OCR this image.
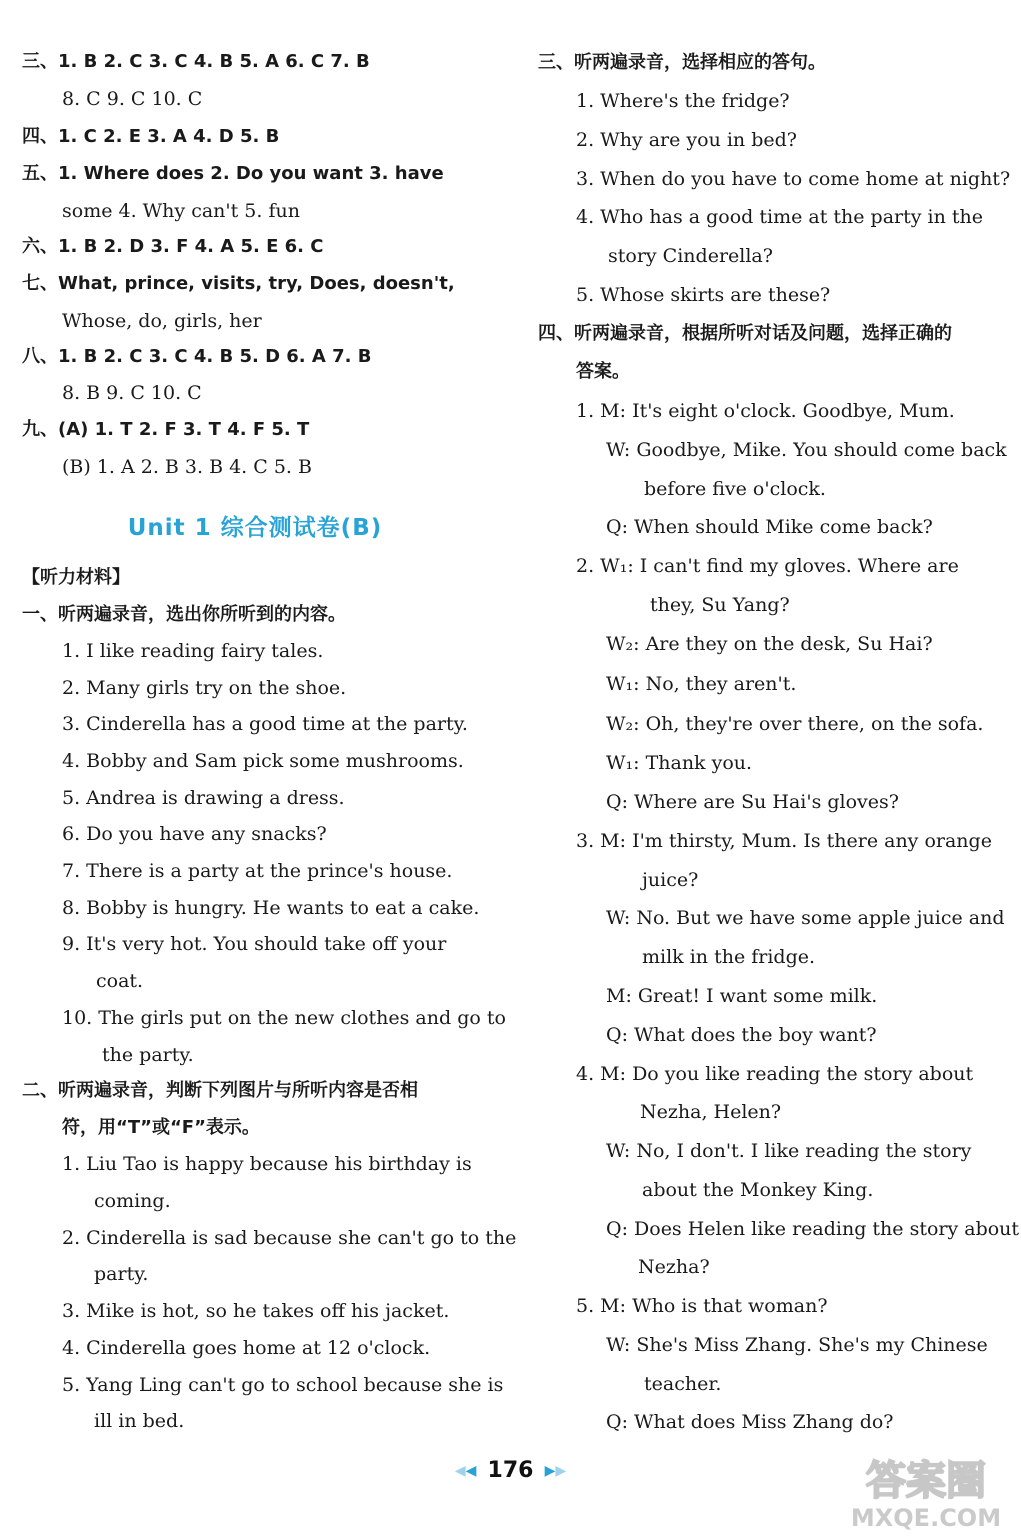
三、1. B 2. C 3. C 4. B 5. A 6. C 7. B
8. C 9. C 10. C
四、1. C 2. E 3. A 4. D 5. B
五、1. Where does 2. Do you want 3. have
some 4. Why can't 5. fun
六、1. B 2. D 3. F 4. A 5. E 6. C
七、What, prince, visits, try, Does, doesn't,
Whose, do, girls, her
八、1. B 2. C 3. C 4. B 5. D 6. A 7. B
8. B 9. C 10. C
九、(A) 1. T 2. F 3. T 4. F 5. T
(B) 1. A 2. B 3. B 4. C 5. B
Unit 1 综合测试卷(B)
【听力材料】
一、听两遍录音，选出你所听到的内容。
1. I like reading fairy tales.
2. Many girls try on the shoe.
3. Cinderella has a good time at the party.
4. Bobby and Sam pick some mushrooms.
5. Andrea is drawing a dress.
6. Do you have any snacks?
7. There is a party at the prince's house.
8. Bobby is hungry. He wants to eat a cake.
9. It's very hot. You should take off your
coat.
10. The girls put on the new clothes and go to
the party.
二、听两遍录音，判断下列图片与所听内容是否相
符，用“T”或“F”表示。
1. Liu Tao is happy because his birthday is
coming.
2. Cinderella is sad because she can't go to the
party.
3. Mike is hot, so he takes off his jacket.
4. Cinderella goes home at 12 o'clock.
5. Yang Ling can't go to school because she is
ill in bed.
三、听两遍录音，选择相应的答句。
1. Where's the fridge?
2. Why are you in bed?
3. When do you have to come home at night?
4. Who has a good time at the party in the
story Cinderella?
5. Whose skirts are these?
四、听两遍录音，根据所听对话及问题，选择正确的
答案。
1. M: It's eight o'clock. Goodbye, Mum.
W: Goodbye, Mike. You should come back
before five o'clock.
Q: When should Mike come back?
2. W₁: I can't find my gloves. Where are
they, Su Yang?
W₂: Are they on the desk, Su Hai?
W₁: No, they aren't.
W₂: Oh, they're over there, on the sofa.
W₁: Thank you.
Q: Where are Su Hai's gloves?
3. M: I'm thirsty, Mum. Is there any orange
juice?
W: No. But we have some apple juice and
milk in the fridge.
M: Great! I want some milk.
Q: What does the boy want?
4. M: Do you like reading the story about
Nezha, Helen?
W: No, I don't. I like reading the story
about the Monkey King.
Q: Does Helen like reading the story about
Nezha?
5. M: Who is that woman?
W: She's Miss Zhang. She's my Chinese
teacher.
Q: What does Miss Zhang do?
◀◀ 176 ▶▶	答案圈
MXQE.COM
